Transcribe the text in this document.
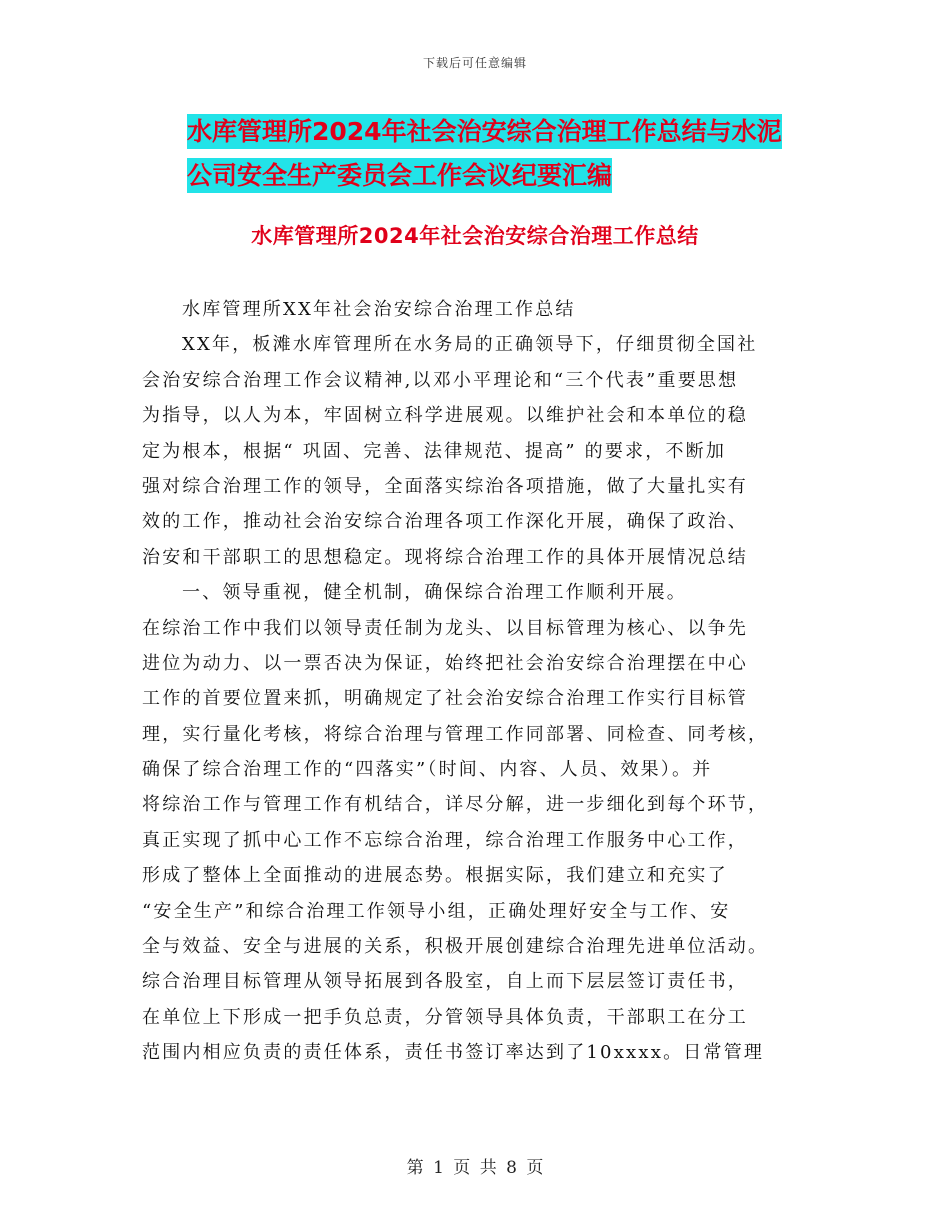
下载后可任意编辑
水库管理所2024年社会治安综合治理工作总结与水泥
公司安全生产委员会工作会议纪要汇编
水库管理所2024年社会治安综合治理工作总结
水库管理所XX年社会治安综合治理工作总结
XX年，板滩水库管理所在水务局的正确领导下，仔细贯彻全国社
会治安综合治理工作会议精神,以邓小平理论和“三个代表”重要思想
为指导，以人为本，牢固树立科学进展观。以维护社会和本单位的稳
定为根本，根据“ 巩固、完善、法律规范、提高” 的要求，不断加
强对综合治理工作的领导，全面落实综治各项措施，做了大量扎实有
效的工作，推动社会治安综合治理各项工作深化开展，确保了政治、
治安和干部职工的思想稳定。现将综合治理工作的具体开展情况总结
一、领导重视，健全机制，确保综合治理工作顺利开展。
在综治工作中我们以领导责任制为龙头、以目标管理为核心、以争先
进位为动力、以一票否决为保证，始终把社会治安综合治理摆在中心
工作的首要位置来抓，明确规定了社会治安综合治理工作实行目标管
理，实行量化考核，将综合治理与管理工作同部署、同检查、同考核，
确保了综合治理工作的“四落实”（时间、内容、人员、效果）。并
将综治工作与管理工作有机结合，详尽分解，进一步细化到每个环节，
真正实现了抓中心工作不忘综合治理，综合治理工作服务中心工作，
形成了整体上全面推动的进展态势。根据实际，我们建立和充实了
“安全生产”和综合治理工作领导小组，正确处理好安全与工作、安
全与效益、安全与进展的关系，积极开展创建综合治理先进单位活动。
综合治理目标管理从领导拓展到各股室，自上而下层层签订责任书，
在单位上下形成一把手负总责，分管领导具体负责，干部职工在分工
范围内相应负责的责任体系，责任书签订率达到了10xxxx。日常管理
第 1 页 共 8 页
